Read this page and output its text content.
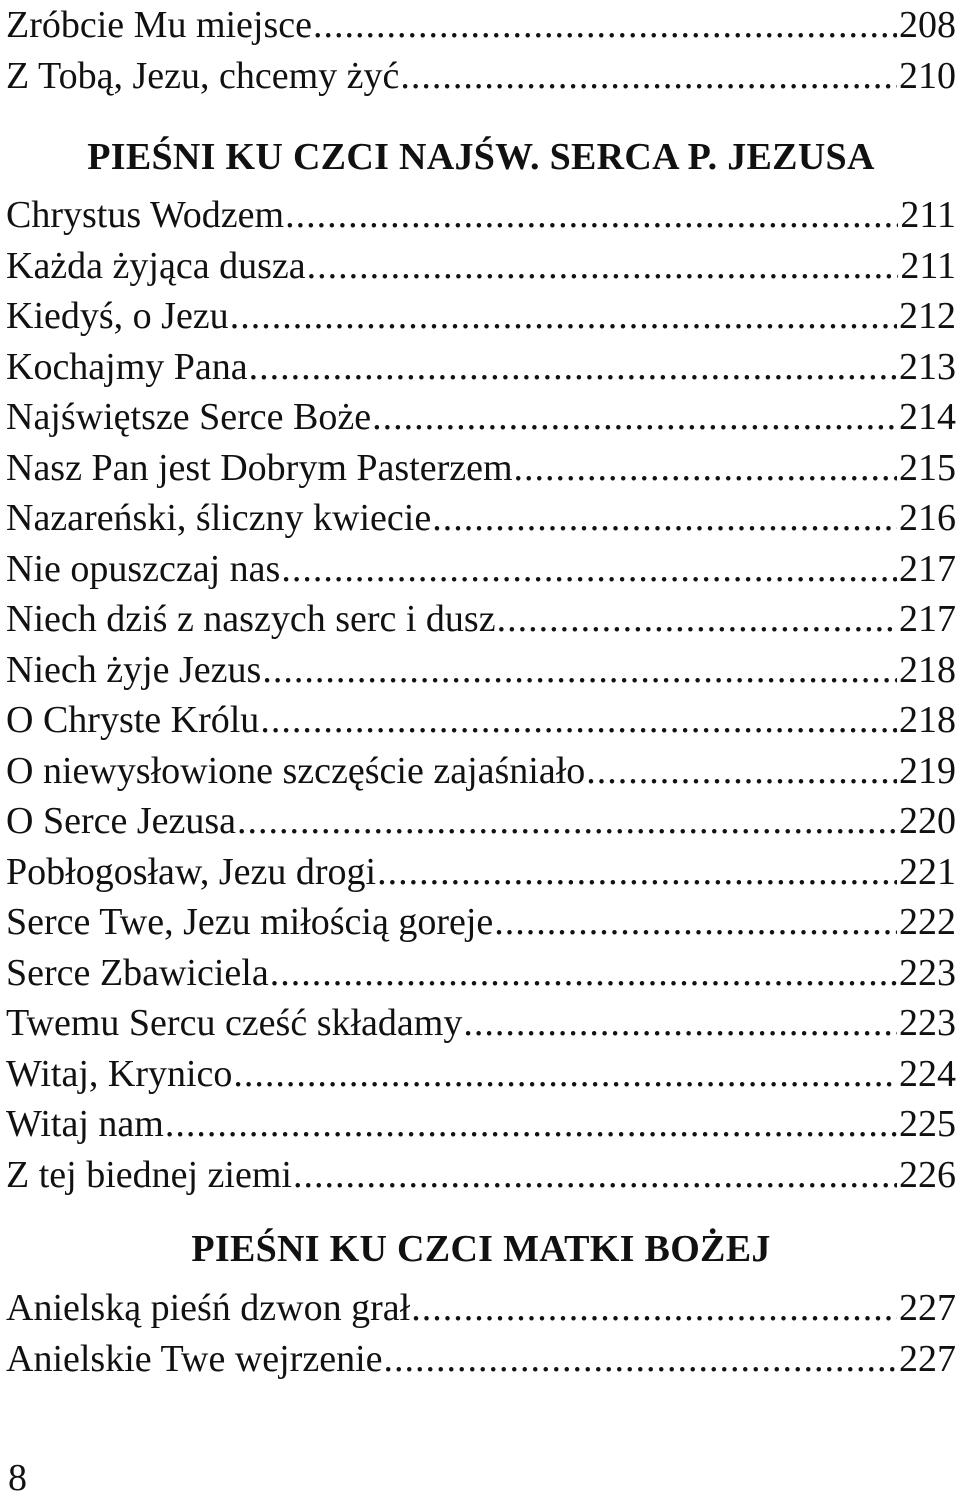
Zróbcie Mu miejsce .....	208
Z Tobą, Jezu, chcemy żyć .....	210
PIEŚNI KU CZCI NAJŚW. SERCA P. JEZUSA
Chrystus Wodzem .....	211
Każda żyjąca dusza .....	211
Kiedyś, o Jezu .....	212
Kochajmy Pana .....	213
Najświętsze Serce Boże .....	214
Nasz Pan jest Dobrym Pasterzem .....	215
Nazareński, śliczny kwiecie .....	216
Nie opuszczaj nas .....	217
Niech dziś z naszych serc i dusz .....	217
Niech żyje Jezus .....	218
O Chryste Królu .....	218
O niewysłowione szczęście zajaśniało .....	219
O Serce Jezusa .....	220
Pobłogosław, Jezu drogi .....	221
Serce Twe, Jezu miłością goreje .....	222
Serce Zbawiciela .....	223
Twemu Sercu cześć składamy .....	223
Witaj, Krynico .....	224
Witaj nam .....	225
Z tej biednej ziemi .....	226
PIEŚNI KU CZCI MATKI BOŻEJ
Anielską pieśń dzwon grał .....	227
Anielskie Twe wejrzenie .....	227
8
